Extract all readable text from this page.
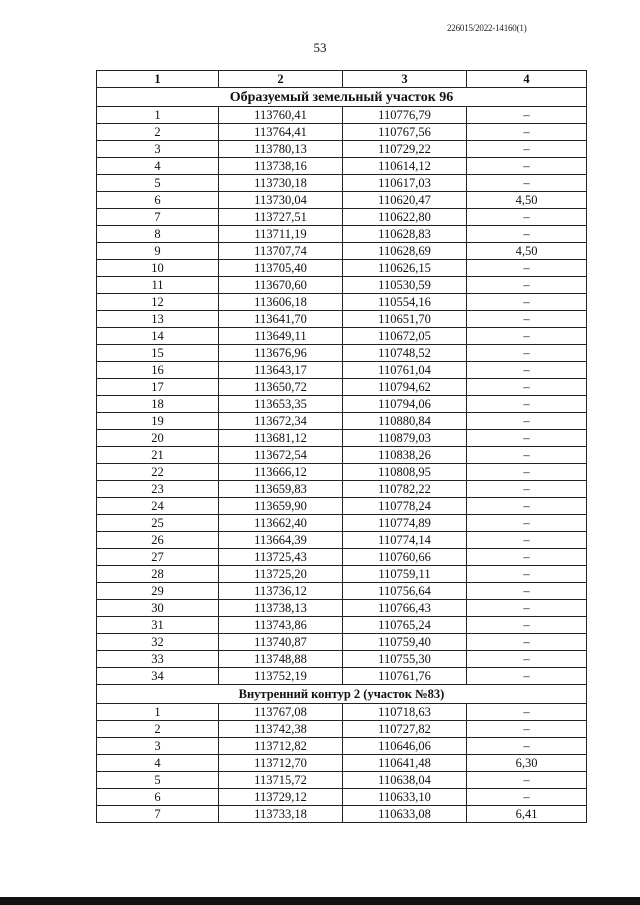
226015/2022-14160(1)
53
1	2	3	4
Образуемый земельный участок 96			
1	113760,41	110776,79	–
2	113764,41	110767,56	–
3	113780,13	110729,22	–
4	113738,16	110614,12	–
5	113730,18	110617,03	–
6	113730,04	110620,47	4,50
7	113727,51	110622,80	–
8	113711,19	110628,83	–
9	113707,74	110628,69	4,50
10	113705,40	110626,15	–
11	113670,60	110530,59	–
12	113606,18	110554,16	–
13	113641,70	110651,70	–
14	113649,11	110672,05	–
15	113676,96	110748,52	–
16	113643,17	110761,04	–
17	113650,72	110794,62	–
18	113653,35	110794,06	–
19	113672,34	110880,84	–
20	113681,12	110879,03	–
21	113672,54	110838,26	–
22	113666,12	110808,95	–
23	113659,83	110782,22	–
24	113659,90	110778,24	–
25	113662,40	110774,89	–
26	113664,39	110774,14	–
27	113725,43	110760,66	–
28	113725,20	110759,11	–
29	113736,12	110756,64	–
30	113738,13	110766,43	–
31	113743,86	110765,24	–
32	113740,87	110759,40	–
33	113748,88	110755,30	–
34	113752,19	110761,76	–
Внутренний контур 2 (участок №83)			
1	113767,08	110718,63	–
2	113742,38	110727,82	–
3	113712,82	110646,06	–
4	113712,70	110641,48	6,30
5	113715,72	110638,04	–
6	113729,12	110633,10	–
7	113733,18	110633,08	6,41
